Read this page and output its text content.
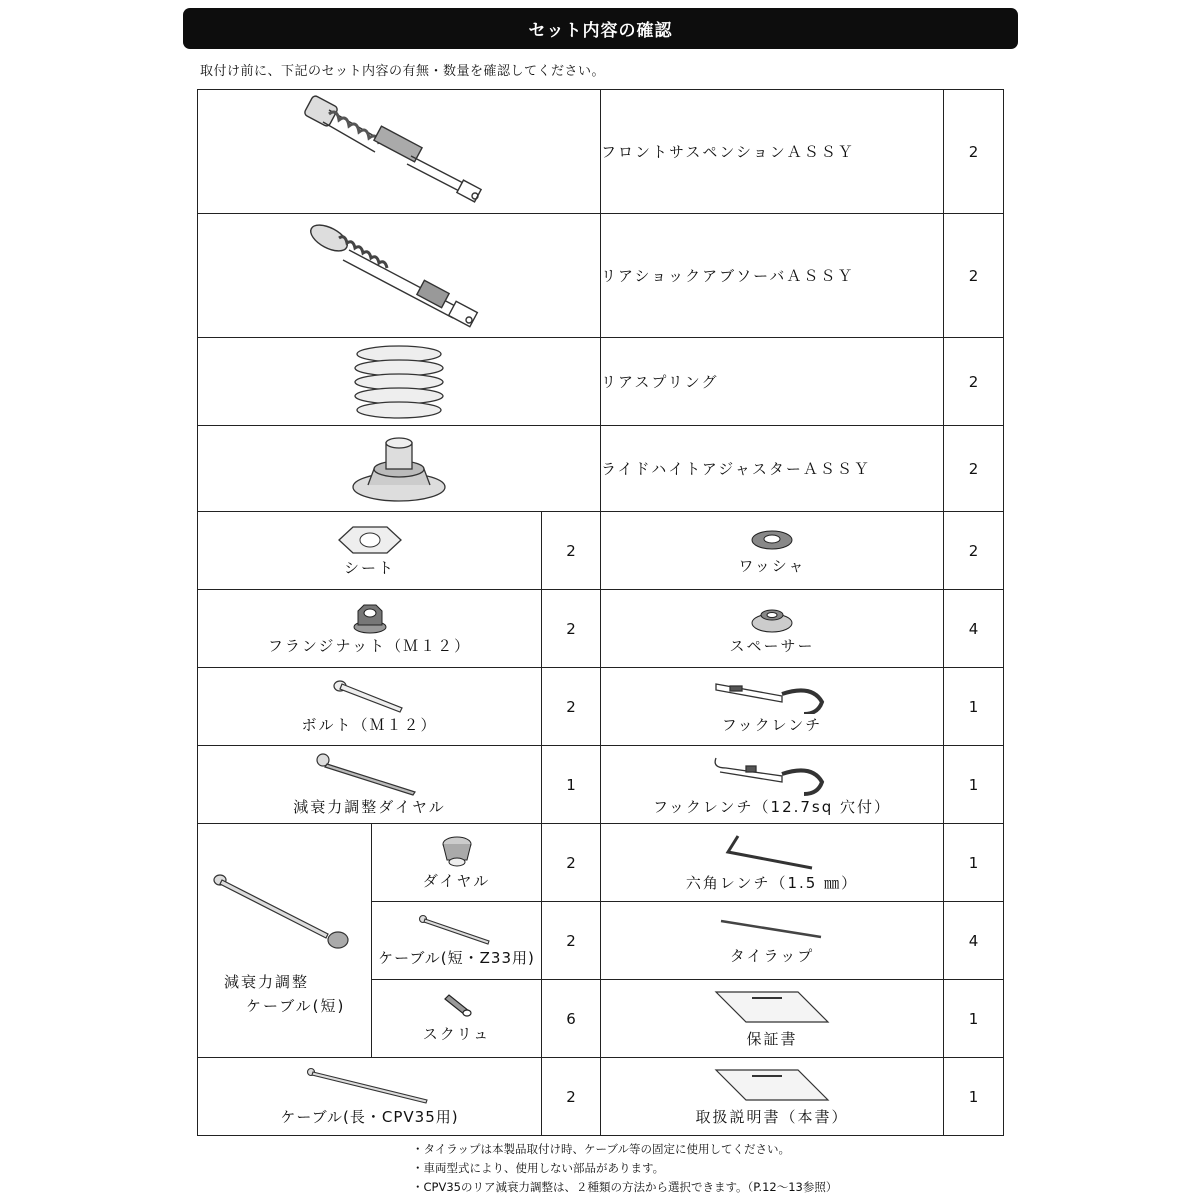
セット内容の確認
取付け前に、下記のセット内容の有無・数量を確認してください。
	フロントサスペンションＡＳＳＹ	2

	リアショックアブソーバＡＳＳＹ	2

	リアスプリング	2

	ライドハイトアジャスターＡＳＳＹ	2

シート		2	ワッシャ	2

フランジナット（Ｍ１２）		2	スペーサー	4

ボルト（Ｍ１２）		2	フックレンチ	1

減衰力調整ダイヤル		1	フックレンチ（12.7sq 穴付）	1

減衰力調整
ケーブル(短)	ダイヤル	2	六角レンチ（1.5 ㎜）	1

	ケーブル(短・Z33用)	2	タイラップ	4

	スクリュ	6	保証書	1

ケーブル(長・CPV35用)		2	取扱説明書（本書）	1
・タイラップは本製品取付け時、ケーブル等の固定に使用してください。
・車両型式により、使用しない部品があります。
・CPV35のリア減衰力調整は、２種類の方法から選択できます。（P.12～13参照）
